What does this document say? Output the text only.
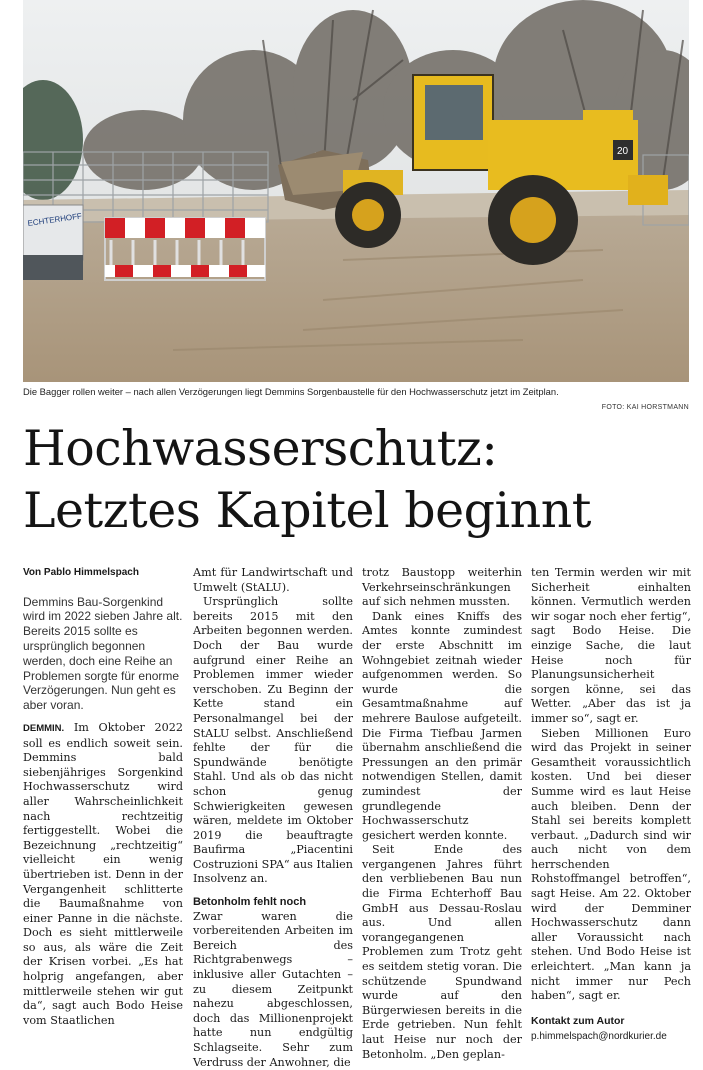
ECHTERHOFF
20
Die Bagger rollen weiter – nach allen Verzögerungen liegt Demmins Sorgenbaustelle für den Hochwasserschutz jetzt im Zeitplan.
FOTO: KAI HORSTMANN
Hochwasserschutz:
Letztes Kapitel beginnt
Von Pablo Himmelspach
Demmins Bau-Sorgenkind wird im 2022 sieben Jahre alt. Bereits 2015 sollte es ursprünglich begonnen werden, doch eine Reihe an Problemen sorgte für enorme Verzögerungen. Nun geht es aber voran.

DEMMIN. Im Oktober 2022 soll es endlich soweit sein. Demmins bald siebenjähriges Sorgenkind Hochwasserschutz wird aller Wahrscheinlichkeit nach rechtzeitig fertiggestellt. Wobei die Bezeichnung „rechtzeitig“ vielleicht ein wenig übertrieben ist. Denn in der Vergangenheit schlitterte die Baumaßnahme von einer Panne in die nächste. Doch es sieht mittlerweile so aus, als wäre die Zeit der Krisen vorbei. „Es hat holprig angefangen, aber mittlerweile stehen wir gut da“, sagt auch Bodo Heise vom Staatlichen

Amt für Landwirtschaft und Umwelt (StALU).

Ursprünglich sollte bereits 2015 mit den Arbeiten begonnen werden. Doch der Bau wurde aufgrund einer Reihe an Problemen immer wieder verschoben. Zu Beginn der Kette stand ein Personalmangel bei der StALU selbst. Anschließend fehlte der für die Spundwände benötigte Stahl. Und als ob das nicht schon genug Schwierigkeiten gewesen wären, meldete im Oktober 2019 die beauftragte Baufirma „Piacentini Costruzioni SPA“ aus Italien Insolvenz an.

Betonholm fehlt noch

Zwar waren die vorbereitenden Arbeiten im Bereich des Richtgrabenwegs – inklusive aller Gutachten – zu diesem Zeitpunkt nahezu abgeschlossen, doch das Millionenprojekt hatte nun endgültig Schlagseite. Sehr zum Verdruss der Anwohner, die

trotz Baustopp weiterhin Verkehrseinschränkungen auf sich nehmen mussten.

Dank eines Kniffs des Amtes konnte zumindest der erste Abschnitt im Wohngebiet zeitnah wieder aufgenommen werden. So wurde die Gesamtmaßnahme auf mehrere Baulose aufgeteilt. Die Firma Tiefbau Jarmen übernahm anschließend die Pressungen an den primär notwendigen Stellen, damit zumindest der grundlegende Hochwasserschutz gesichert werden konnte.

Seit Ende des vergangenen Jahres führt den verbliebenen Bau nun die Firma Echterhoff Bau GmbH aus Dessau-Roslau aus. Und allen vorangegangenen Problemen zum Trotz geht es seitdem stetig voran. Die schützende Spundwand wurde auf den Bürgerwiesen bereits in die Erde getrieben. Nun fehlt laut Heise nur noch der Betonholm. „Den geplan-

ten Termin werden wir mit Sicherheit einhalten können. Vermutlich werden wir sogar noch eher fertig“, sagt Bodo Heise. Die einzige Sache, die laut Heise noch für Planungsunsicherheit sorgen könne, sei das Wetter. „Aber das ist ja immer so“, sagt er.

Sieben Millionen Euro wird das Projekt in seiner Gesamtheit voraussichtlich kosten. Und bei dieser Summe wird es laut Heise auch bleiben. Denn der Stahl sei bereits komplett verbaut. „Dadurch sind wir auch nicht von dem herrschenden Rohstoffmangel betroffen“, sagt Heise. Am 22. Oktober wird der Demminer Hochwasserschutz dann aller Voraussicht nach stehen. Und Bodo Heise ist erleichtert. „Man kann ja nicht immer nur Pech haben“, sagt er.

Kontakt zum Autor
p.himmelspach@nordkurier.de
